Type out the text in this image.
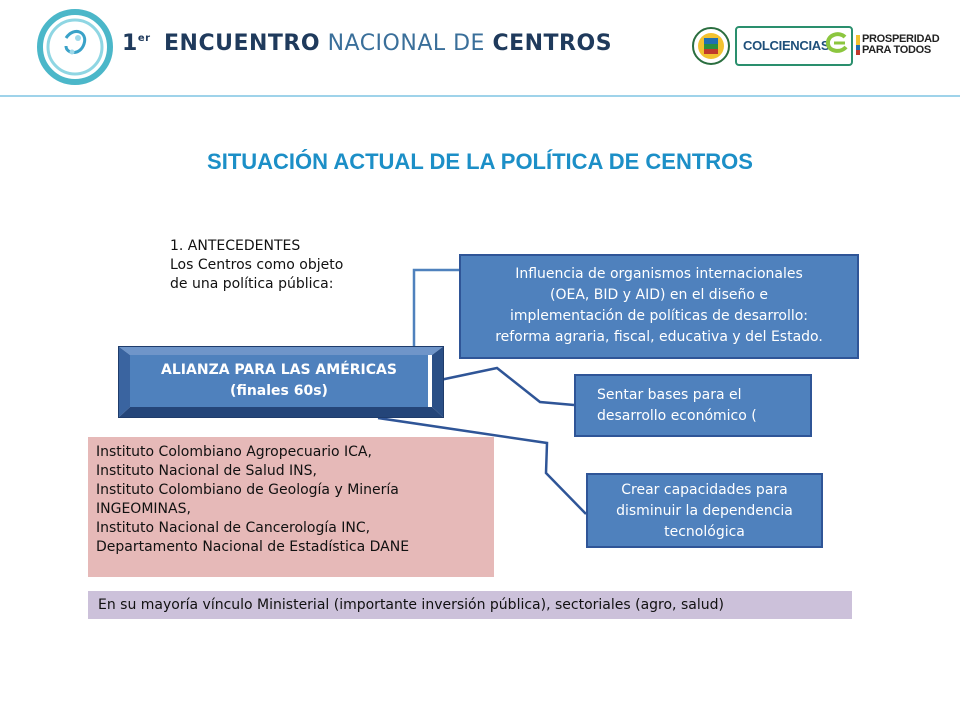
1er ENCUENTRO NACIONAL DE CENTROS	COLCIENCIAS	PROSPERIDAD
PARA TODOS
SITUACIÓN ACTUAL DE LA POLÍTICA DE CENTROS
1. ANTECEDENTES
Los Centros como objeto
de una política pública:
ALIANZA PARA LAS AMÉRICAS
(finales 60s)
Influencia de organismos internacionales
(OEA, BID y AID) en el diseño e
implementación de políticas de desarrollo:
reforma agraria, fiscal, educativa y del Estado.
Sentar bases para el
desarrollo económico (
Crear capacidades para
disminuir la dependencia
tecnológica
Instituto Colombiano Agropecuario ICA,
Instituto Nacional de Salud INS,
Instituto Colombiano de Geología y Minería
INGEOMINAS,
Instituto Nacional de Cancerología INC,
Departamento Nacional de Estadística DANE
En su mayoría vínculo Ministerial (importante inversión pública), sectoriales (agro, salud)
